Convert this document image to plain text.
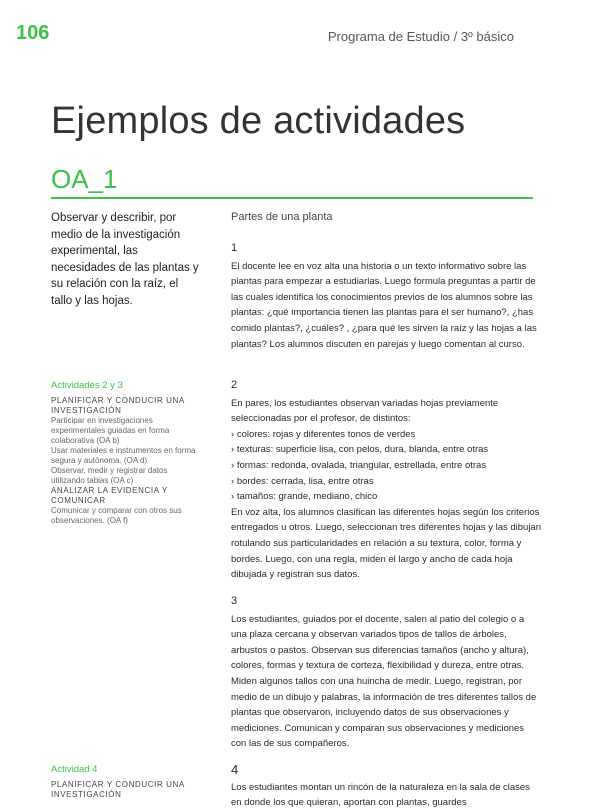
106	Programa de Estudio / 3º básico
Ejemplos de actividades
OA_1
Observar y describir, por medio de la investigación experimental, las necesidades de las plantas y su relación con la raíz, el tallo y las hojas.
Actividades 2 y 3
PLANIFICAR Y CONDUCIR UNA INVESTIGACIÓN
Participar en investigaciones experimentales guiadas en forma colaborativa (OA b)
Usar materiales e instrumentos en forma segura y autónoma. (OA d)
Observar, medir y registrar datos utilizando tablas (OA c)
ANALIZAR LA EVIDENCIA Y COMUNICAR
Comunicar y comparar con otros sus observaciones. (OA f)
Actividad 4
PLANIFICAR Y CONDUCIR UNA INVESTIGACIÓN
Partes de una planta
1

El docente lee en voz alta una historia o un texto informativo sobre las plantas para empezar a estudiarlas. Luego formula preguntas a partir de las cuales identifica los conocimientos previos de los alumnos sobre las plantas: ¿qué importancia tienen las plantas para el ser humano?, ¿has comido plantas?, ¿cuáles? , ¿para qué les sirven la raíz y las hojas a las plantas? Los alumnos discuten en parejas y luego comentan al curso.

2

En pares, los estudiantes observan variadas hojas previamente seleccionadas por el profesor, de distintos:

› colores: rojas y diferentes tonos de verdes

› texturas: superficie lisa, con pelos, dura, blanda, entre otras

› formas: redonda, ovalada, triangular, estrellada, entre otras

› bordes: cerrada, lisa, entre otras

› tamaños: grande, mediano, chico

En voz alta, los alumnos clasifican las diferentes hojas según los criterios entregados u otros. Luego, seleccionan tres diferentes hojas y las dibujan rotulando sus particularidades en relación a su textura, color, forma y bordes. Luego, con una regla, miden el largo y ancho de cada hoja dibujada y registran sus datos.

3

Los estudiantes, guiados por el docente, salen al patio del colegio o a una plaza cercana y observan variados tipos de tallos de árboles, arbustos o pastos. Observan sus diferencias tamaños (ancho y altura), colores, formas y textura de corteza, flexibilidad y dureza, entre otras. Miden algunos tallos con una huincha de medir. Luego, registran, por medio de un dibujo y palabras, la información de tres diferentes tallos de plantas que observaron, incluyendo datos de sus observaciones y mediciones. Comunican y comparan sus observaciones y mediciones con las de sus compañeros.

4

Los estudiantes montan un rincón de la naturaleza en la sala de clases en donde los que quieran, aportan con plantas, guardes
